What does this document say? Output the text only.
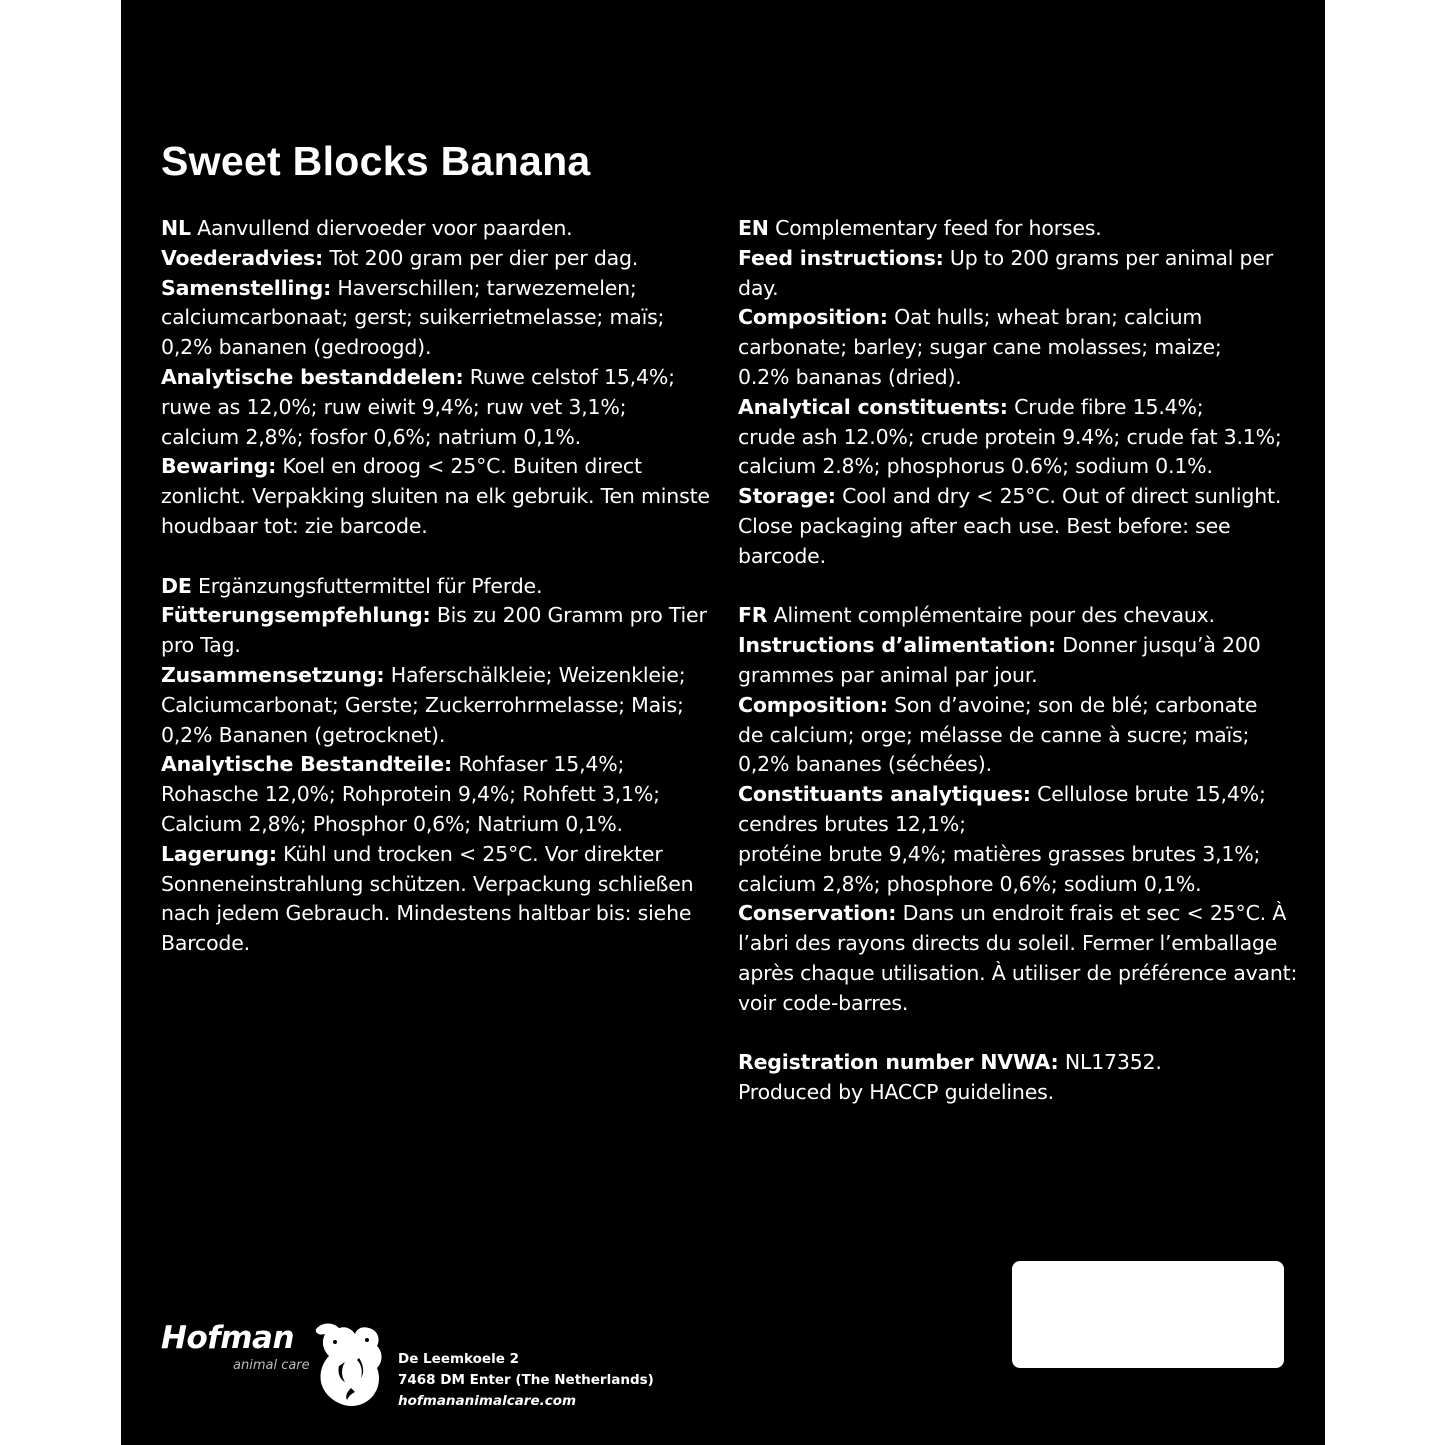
Sweet Blocks Banana
NL Aanvullend diervoeder voor paarden.
Voederadvies: Tot 200 gram per dier per dag.
Samenstelling: Haverschillen; tarwezemelen;
calciumcarbonaat; gerst; suikerrietmelasse; maïs;
0,2% bananen (gedroogd).
Analytische bestanddelen: Ruwe celstof 15,4%;
ruwe as 12,0%; ruw eiwit 9,4%; ruw vet 3,1%;
calcium 2,8%; fosfor 0,6%; natrium 0,1%.
Bewaring: Koel en droog < 25°C. Buiten direct
zonlicht. Verpakking sluiten na elk gebruik. Ten minste
houdbaar tot: zie barcode.
DE Ergänzungsfuttermittel für Pferde.
Fütterungsempfehlung: Bis zu 200 Gramm pro Tier
pro Tag.
Zusammensetzung: Haferschälkleie; Weizenkleie;
Calciumcarbonat; Gerste; Zuckerrohrmelasse; Mais;
0,2% Bananen (getrocknet).
Analytische Bestandteile: Rohfaser 15,4%;
Rohasche 12,0%; Rohprotein 9,4%; Rohfett 3,1%;
Calcium 2,8%; Phosphor 0,6%; Natrium 0,1%.
Lagerung: Kühl und trocken < 25°C. Vor direkter
Sonneneinstrahlung schützen. Verpackung schließen
nach jedem Gebrauch. Mindestens haltbar bis: siehe
Barcode.
EN Complementary feed for horses.
Feed instructions: Up to 200 grams per animal per
day.
Composition: Oat hulls; wheat bran; calcium
carbonate; barley; sugar cane molasses; maize;
0.2% bananas (dried).
Analytical constituents: Crude fibre 15.4%;
crude ash 12.0%; crude protein 9.4%; crude fat 3.1%;
calcium 2.8%; phosphorus 0.6%; sodium 0.1%.
Storage: Cool and dry < 25°C. Out of direct sunlight.
Close packaging after each use. Best before: see
barcode.
FR Aliment complémentaire pour des chevaux.
Instructions d’alimentation: Donner jusqu’à 200
grammes par animal par jour.
Composition: Son d’avoine; son de blé; carbonate
de calcium; orge; mélasse de canne à sucre; maïs;
0,2% bananes (séchées).
Constituants analytiques: Cellulose brute 15,4%;
cendres brutes 12,1%;
protéine brute 9,4%; matières grasses brutes 3,1%;
calcium 2,8%; phosphore 0,6%; sodium 0,1%.
Conservation: Dans un endroit frais et sec < 25°C. À
l’abri des rayons directs du soleil. Fermer l’emballage
après chaque utilisation. À utiliser de préférence avant:
voir code-barres.
Registration number NVWA: NL17352.
Produced by HACCP guidelines.
Hofman
animal care	De Leemkoele 2
7468 DM Enter (The Netherlands)
hofmananimalcare.com
